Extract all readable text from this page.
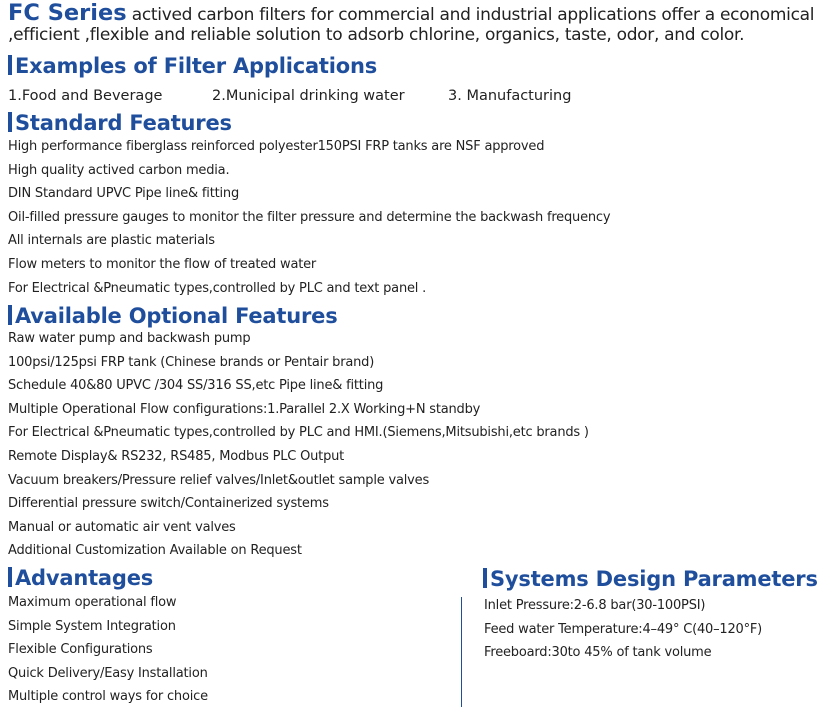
FC Series actived carbon filters for commercial and industrial applications offer a economical ,efficient ,flexible and reliable solution to adsorb chlorine, organics, taste, odor, and color.

Examples of Filter Applications
1.Food and Beverage	2.Municipal drinking water	3. Manufacturing
Standard Features
High performance fiberglass reinforced polyester150PSI FRP tanks are NSF approved
High quality actived carbon media.
DIN Standard UPVC Pipe line& fitting
Oil-filled pressure gauges to monitor the filter pressure and determine the backwash frequency
All internals are plastic materials
Flow meters to monitor the flow of treated water
For Electrical &Pneumatic types,controlled by PLC and text panel .
Available Optional Features
Raw water pump and backwash pump
100psi/125psi FRP tank (Chinese brands or Pentair brand)
Schedule 40&80 UPVC /304 SS/316 SS,etc Pipe line& fitting
Multiple Operational Flow configurations:1.Parallel 2.X Working+N standby
For Electrical &Pneumatic types,controlled by PLC and HMI.(Siemens,Mitsubishi,etc brands )
Remote Display& RS232, RS485, Modbus PLC Output
Vacuum breakers/Pressure relief valves/Inlet&outlet sample valves
Differential pressure switch/Containerized systems
Manual or automatic air vent valves
Additional Customization Available on Request
Advantages
Maximum operational flow
Simple System Integration
Flexible Configurations
Quick Delivery/Easy Installation
Multiple control ways for choice
Systems Design Parameters
Inlet Pressure:2-6.8 bar(30-100PSI)
Feed water Temperature:4–49° C(40–120°F)
Freeboard:30to 45% of tank volume
